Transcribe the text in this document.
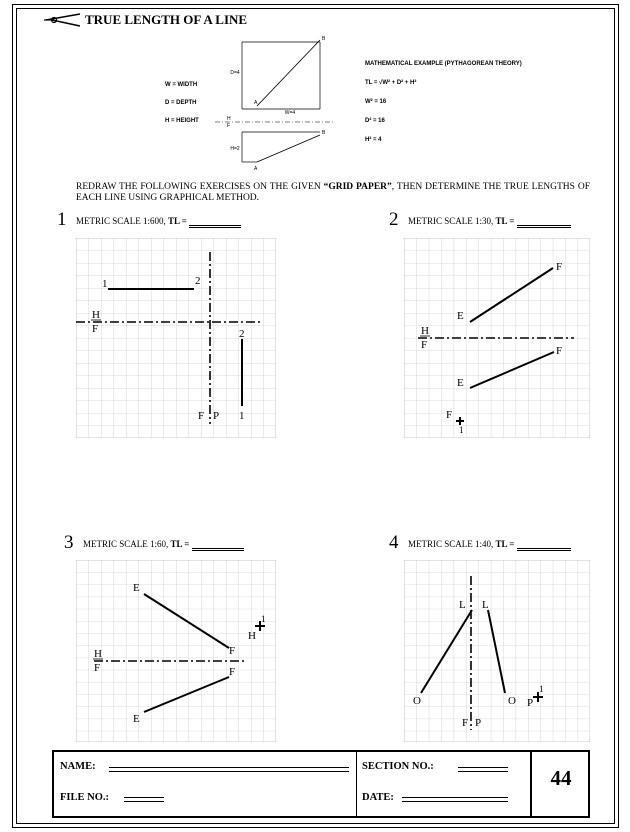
TRUE LENGTH OF A LINE
D=4
W=4
H=2
A
B
A
B
H
F
W = WIDTH
D = DEPTH
H = HEIGHT
MATHEMATICAL EXAMPLE (PYTHAGOREAN THEORY)
TL = √W² + D² + H²
W² = 16
D² = 16
H² = 4
REDRAW THE FOLLOWING EXERCISES ON THE GIVEN “GRID PAPER”, THEN DETERMINE THE TRUE LENGTHS OF EACH LINE USING GRAPHICAL METHOD.
1 METRIC SCALE 1:600, TL =	2 METRIC SCALE 1:30, TL =
3 METRIC SCALE 1:60, TL =	4 METRIC SCALE 1:40, TL =
1	2
2
1
H
F
F P
F
E
F
E
H
F
F
1
E
F
F
E
H
F
H
1
L L
O	O
F P
P
1
NAME:
FILE NO.:
SECTION NO.:
DATE:
44
